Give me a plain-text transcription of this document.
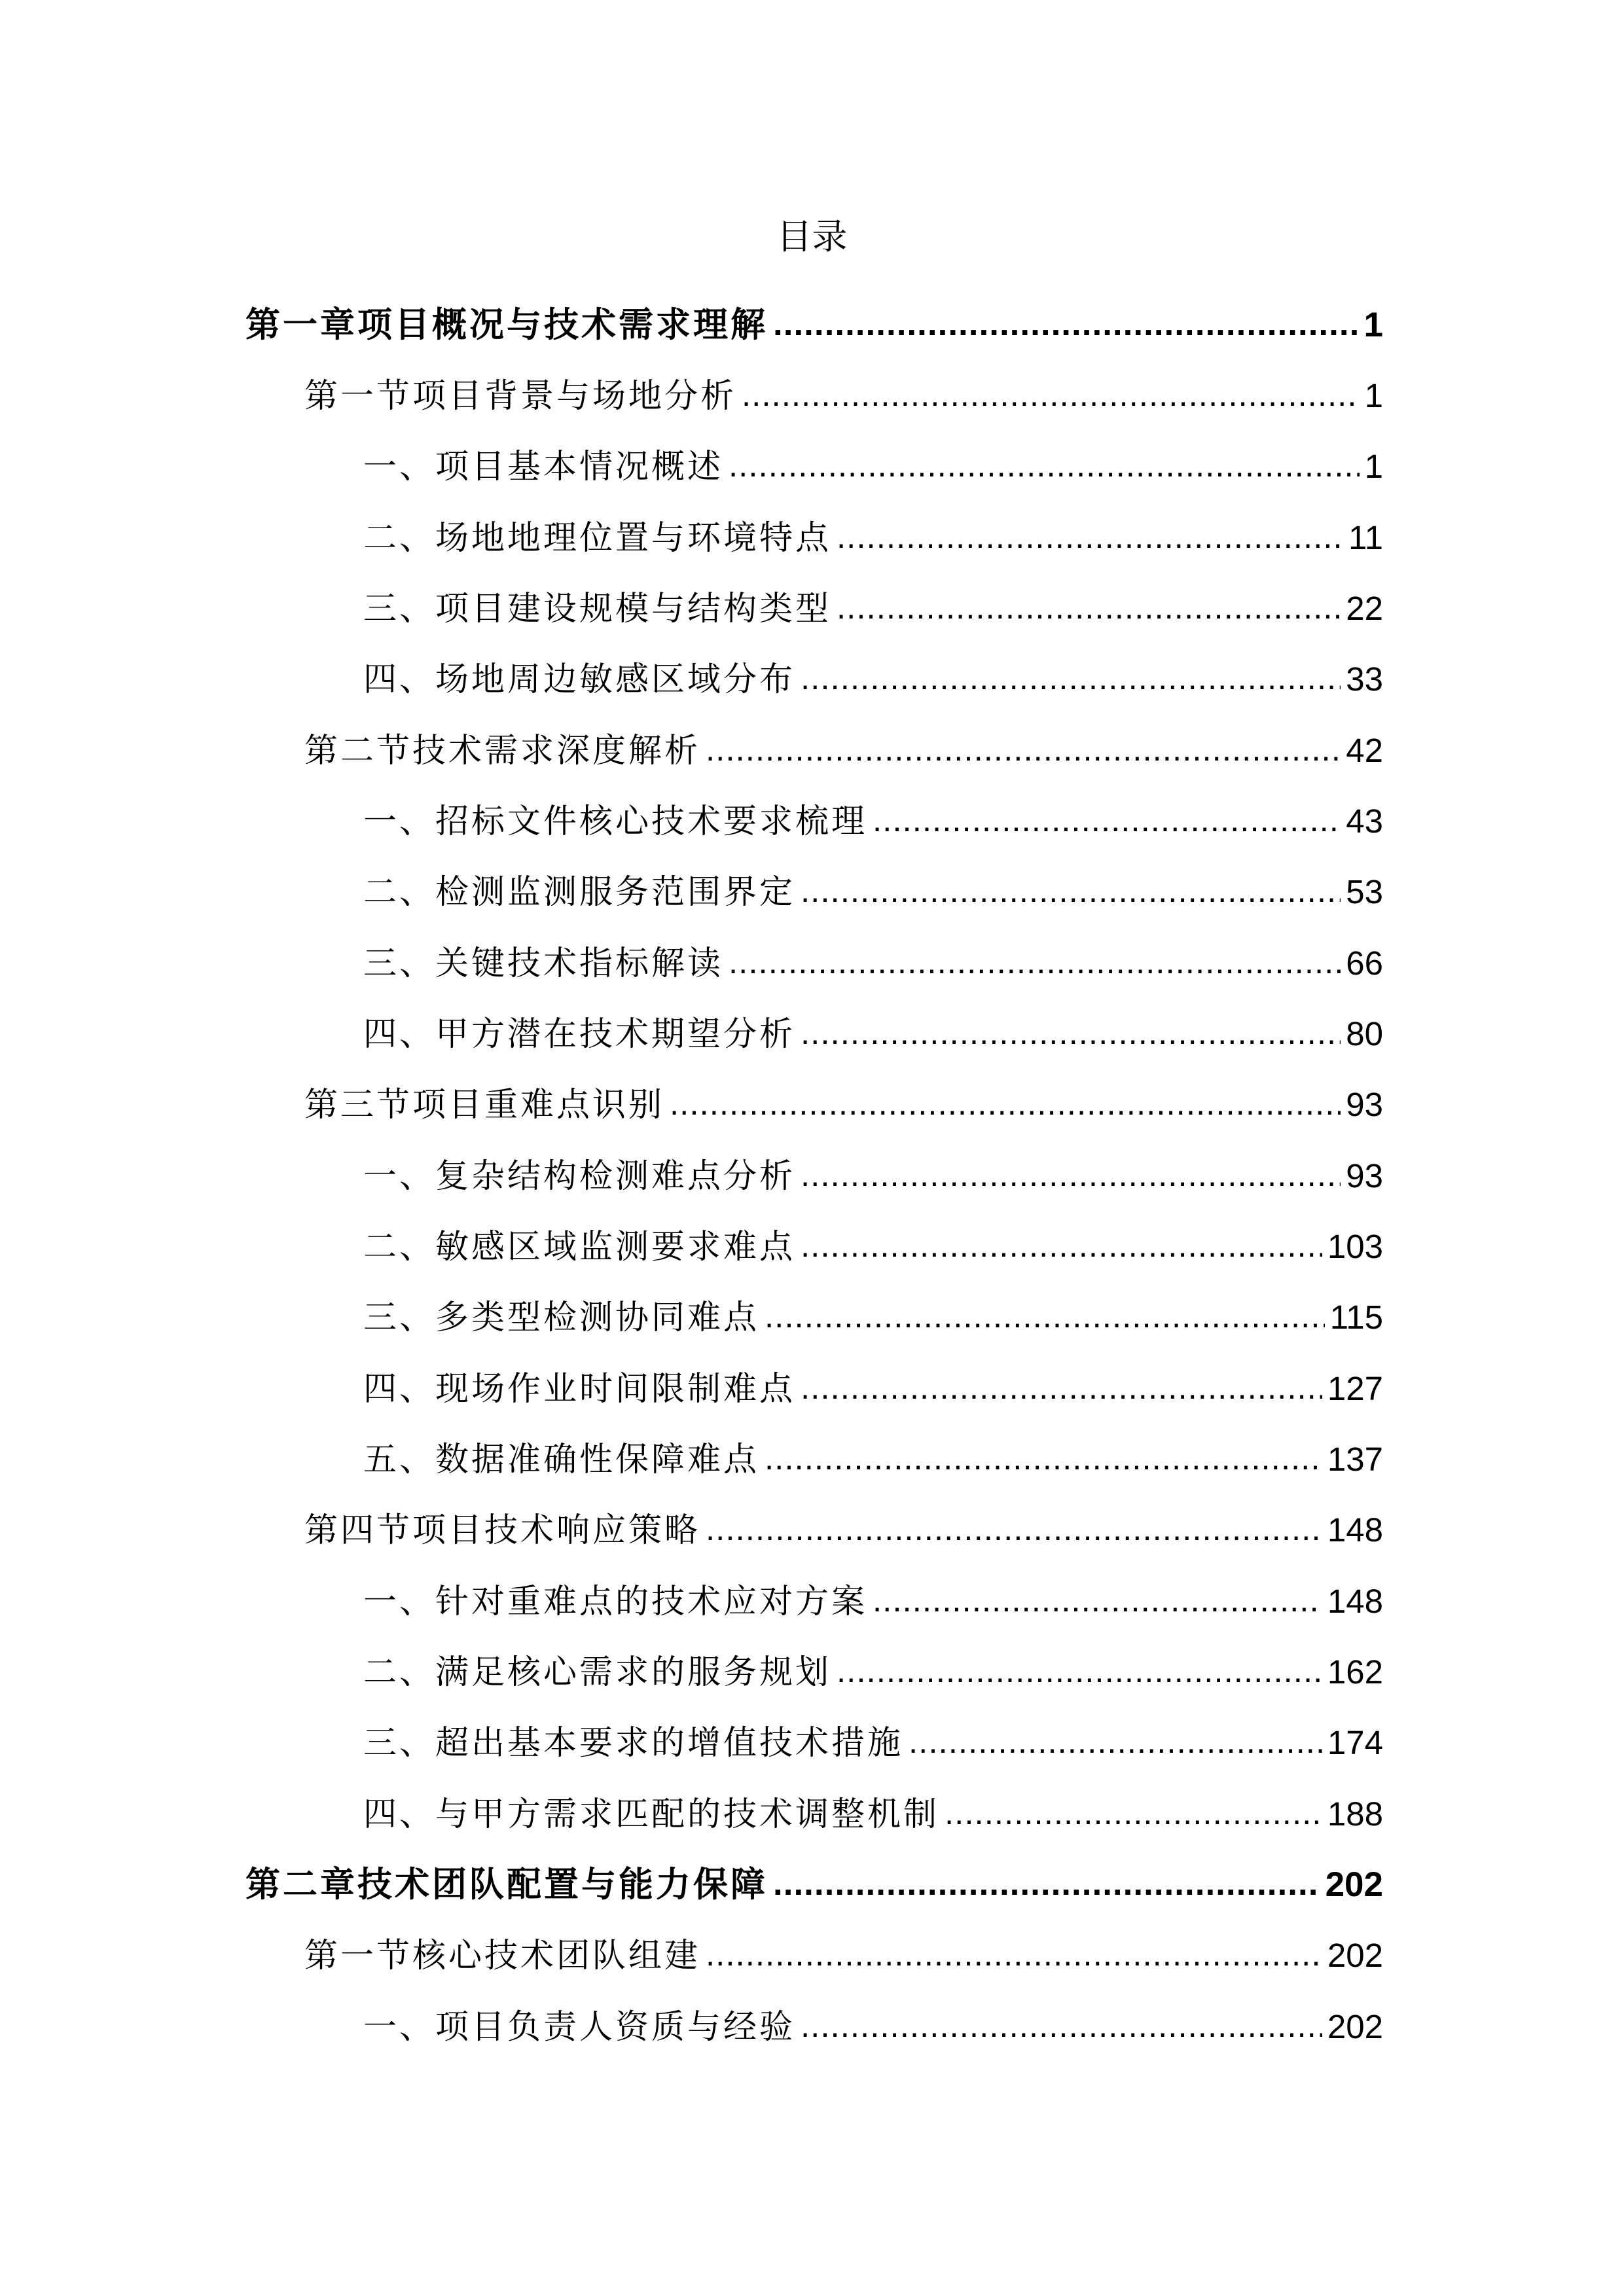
目录
第一章项目概况与技术需求理解 .....	1
第一节项目背景与场地分析 .....	1
一、项目基本情况概述 .....	1
二、场地地理位置与环境特点 .....	11
三、项目建设规模与结构类型 .....	22
四、场地周边敏感区域分布 .....	33
第二节技术需求深度解析 .....	42
一、招标文件核心技术要求梳理 .....	43
二、检测监测服务范围界定 .....	53
三、关键技术指标解读 .....	66
四、甲方潜在技术期望分析 .....	80
第三节项目重难点识别 .....	93
一、复杂结构检测难点分析 .....	93
二、敏感区域监测要求难点 .....	103
三、多类型检测协同难点 .....	115
四、现场作业时间限制难点 .....	127
五、数据准确性保障难点 .....	137
第四节项目技术响应策略 .....	148
一、针对重难点的技术应对方案 .....	148
二、满足核心需求的服务规划 .....	162
三、超出基本要求的增值技术措施 .....	174
四、与甲方需求匹配的技术调整机制 .....	188
第二章技术团队配置与能力保障 .....	202
第一节核心技术团队组建 .....	202
一、项目负责人资质与经验 .....	202
